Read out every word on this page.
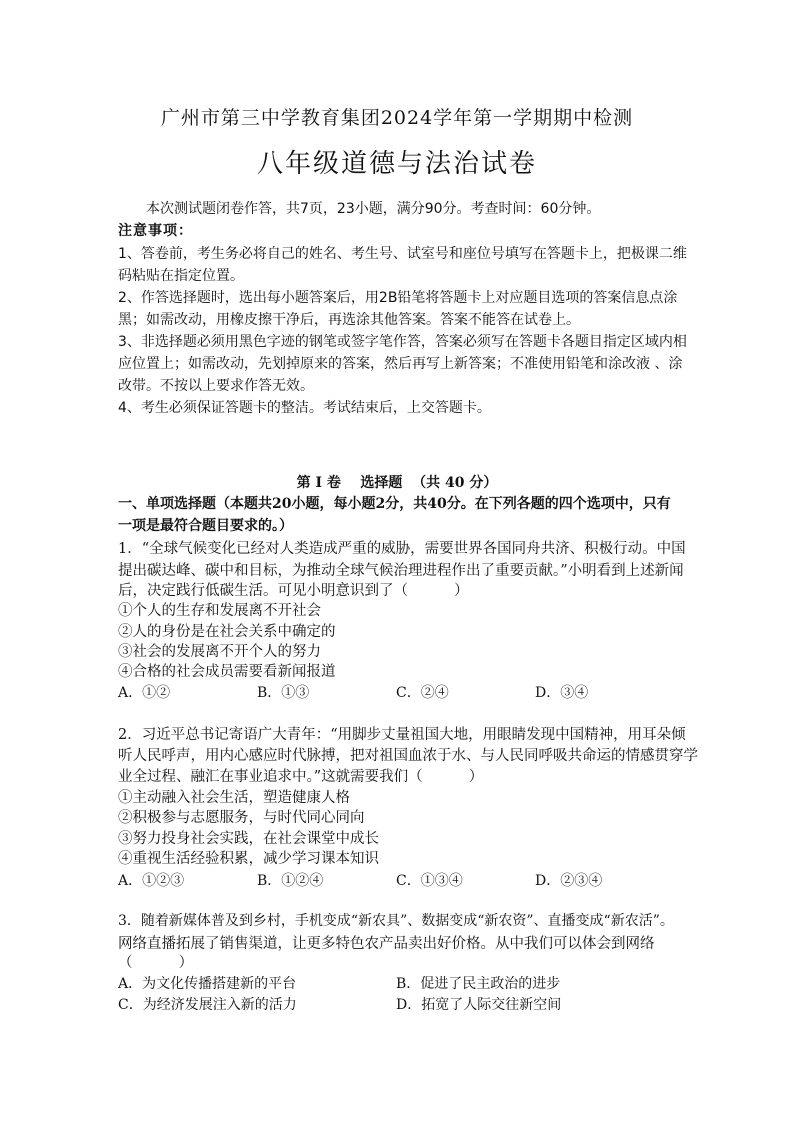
广州市第三中学教育集团2024学年第一学期期中检测
八年级道德与法治试卷
本次测试题闭卷作答，共7页，23小题，满分90分。考查时间：60分钟。
注意事项：
1、答卷前，考生务必将自己的姓名、考生号、试室号和座位号填写在答题卡上，把极课二维
码粘贴在指定位置。
2、作答选择题时，选出每小题答案后，用2B铅笔将答题卡上对应题目选项的答案信息点涂
黑；如需改动，用橡皮擦干净后，再选涂其他答案。答案不能答在试卷上。
3、非选择题必须用黑色字迹的钢笔或签字笔作答，答案必须写在答题卡各题目指定区域内相
应位置上；如需改动，先划掉原来的答案，然后再写上新答案；不准使用铅笔和涂改液 、涂
改带。不按以上要求作答无效。
4、考生必须保证答题卡的整洁。考试结束后，上交答题卡。
第 I 卷    选择题  （共 40 分）
一、单项选择题（本题共20小题，每小题2分，共40分。在下列各题的四个选项中，只有
一项是最符合题目要求的。）
1．“全球气候变化已经对人类造成严重的威胁，需要世界各国同舟共济、积极行动。中国
提出碳达峰、碳中和目标，为推动全球气候治理进程作出了重要贡献。”小明看到上述新闻
后，决定践行低碳生活。可见小明意识到了（          ）
①个人的生存和发展离不开社会
②人的身份是在社会关系中确定的
③社会的发展离不开个人的努力
④合格的社会成员需要看新闻报道
A．①②	B．①③	C．②④	D．③④
2．习近平总书记寄语广大青年：“用脚步丈量祖国大地，用眼睛发现中国精神，用耳朵倾
听人民呼声，用内心感应时代脉搏，把对祖国血浓于水、与人民同呼吸共命运的情感贯穿学
业全过程、融汇在事业追求中。”这就需要我们（          ）
①主动融入社会生活，塑造健康人格
②积极参与志愿服务，与时代同心同向
③努力投身社会实践，在社会课堂中成长
④重视生活经验积累，减少学习课本知识
A．①②③	B．①②④	C．①③④	D．②③④
3．随着新媒体普及到乡村，手机变成“新农具”、数据变成“新农资”、直播变成“新农活”。
网络直播拓展了销售渠道，让更多特色农产品卖出好价格。从中我们可以体会到网络
（          ）
A．为文化传播搭建新的平台	B．促进了民主政治的进步
C．为经济发展注入新的活力	D．拓宽了人际交往新空间
